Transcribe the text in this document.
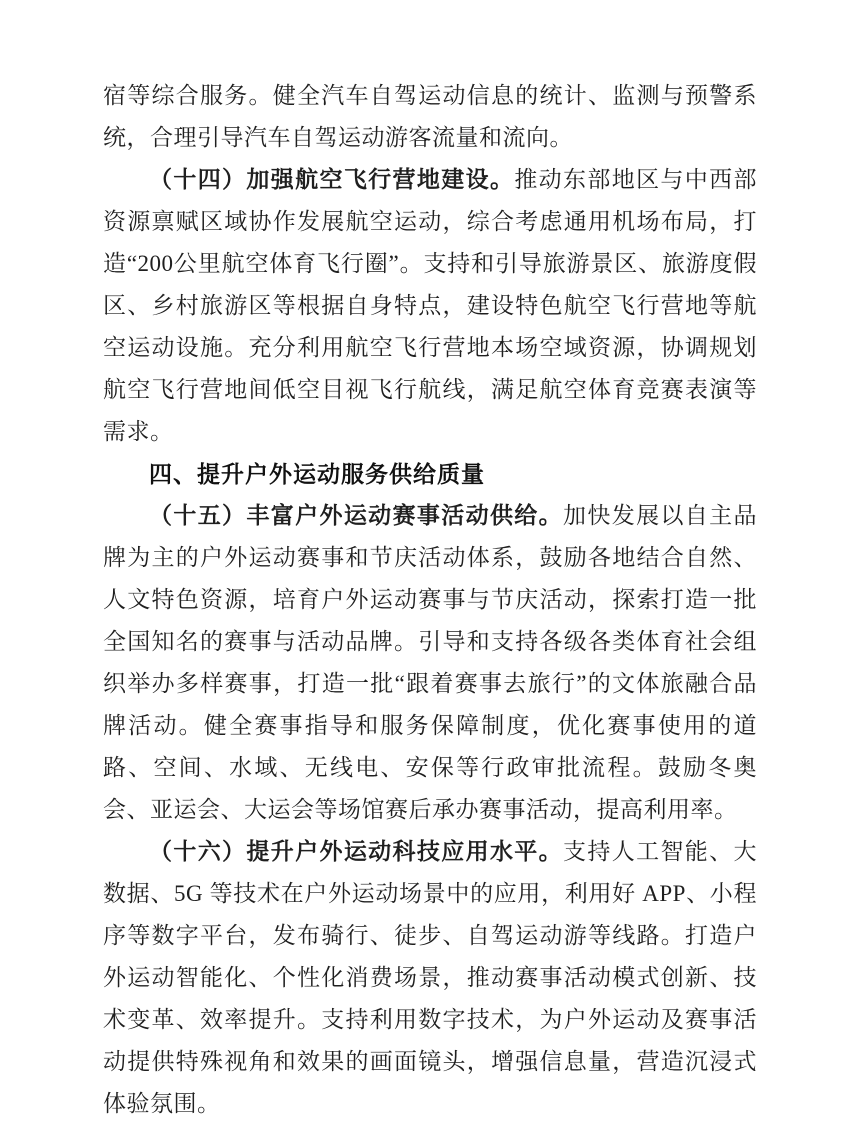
宿等综合服务。健全汽车自驾运动信息的统计、监测与预警系统，合理引导汽车自驾运动游客流量和流向。

（十四）加强航空飞行营地建设。推动东部地区与中西部资源禀赋区域协作发展航空运动，综合考虑通用机场布局，打造“200公里航空体育飞行圈”。支持和引导旅游景区、旅游度假区、乡村旅游区等根据自身特点，建设特色航空飞行营地等航空运动设施。充分利用航空飞行营地本场空域资源，协调规划航空飞行营地间低空目视飞行航线，满足航空体育竞赛表演等需求。

四、提升户外运动服务供给质量

（十五）丰富户外运动赛事活动供给。加快发展以自主品牌为主的户外运动赛事和节庆活动体系，鼓励各地结合自然、人文特色资源，培育户外运动赛事与节庆活动，探索打造一批全国知名的赛事与活动品牌。引导和支持各级各类体育社会组织举办多样赛事，打造一批“跟着赛事去旅行”的文体旅融合品牌活动。健全赛事指导和服务保障制度，优化赛事使用的道路、空间、水域、无线电、安保等行政审批流程。鼓励冬奥会、亚运会、大运会等场馆赛后承办赛事活动，提高利用率。

（十六）提升户外运动科技应用水平。支持人工智能、大数据、5G 等技术在户外运动场景中的应用，利用好 APP、小程序等数字平台，发布骑行、徒步、自驾运动游等线路。打造户外运动智能化、个性化消费场景，推动赛事活动模式创新、技术变革、效率提升。支持利用数字技术，为户外运动及赛事活动提供特殊视角和效果的画面镜头，增强信息量，营造沉浸式体验氛围。
